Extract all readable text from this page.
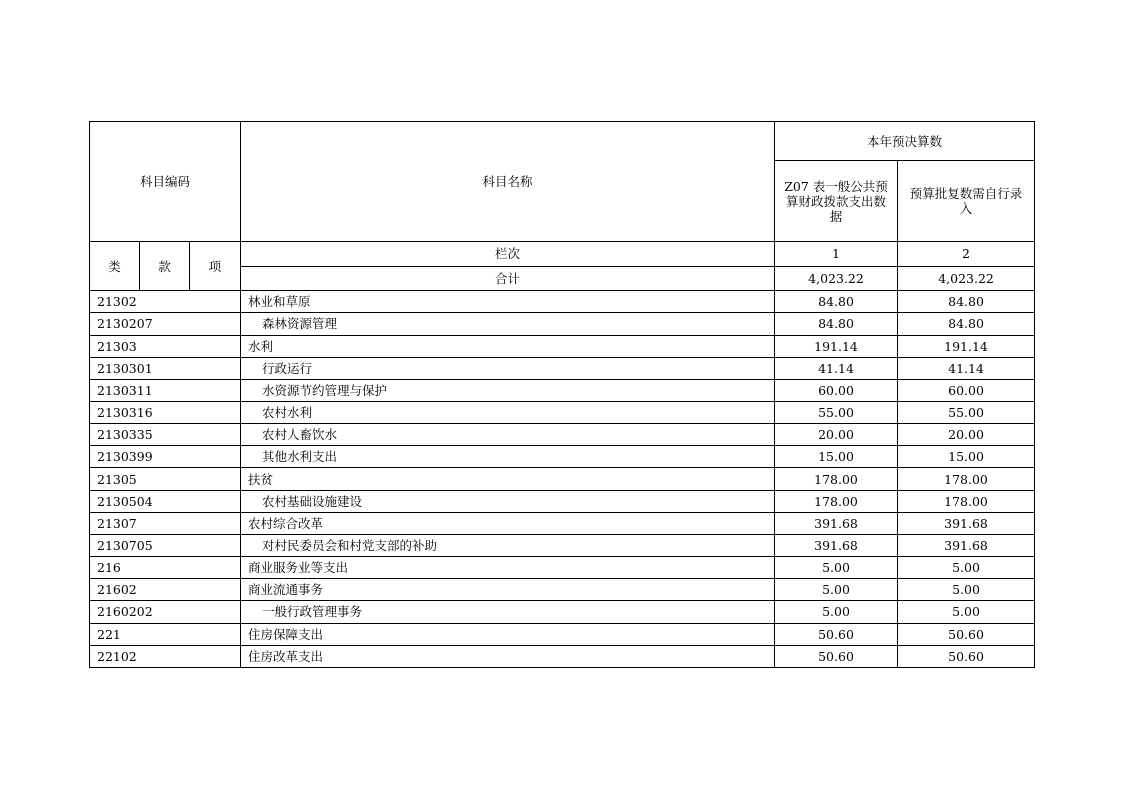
科目编码			科目名称	本年预决算数	
				Z07 表一般公共预算财政拨款支出数据	预算批复数需自行录入
类	款	项	栏次	1	2
			合计	4,023.22	4,023.22
21302			林业和草原	84.80	84.80
2130207			森林资源管理	84.80	84.80
21303			水利	191.14	191.14
2130301			行政运行	41.14	41.14
2130311			水资源节约管理与保护	60.00	60.00
2130316			农村水利	55.00	55.00
2130335			农村人畜饮水	20.00	20.00
2130399			其他水利支出	15.00	15.00
21305			扶贫	178.00	178.00
2130504			农村基础设施建设	178.00	178.00
21307			农村综合改革	391.68	391.68
2130705			对村民委员会和村党支部的补助	391.68	391.68
216			商业服务业等支出	5.00	5.00
21602			商业流通事务	5.00	5.00
2160202			一般行政管理事务	5.00	5.00
221			住房保障支出	50.60	50.60
22102			住房改革支出	50.60	50.60
